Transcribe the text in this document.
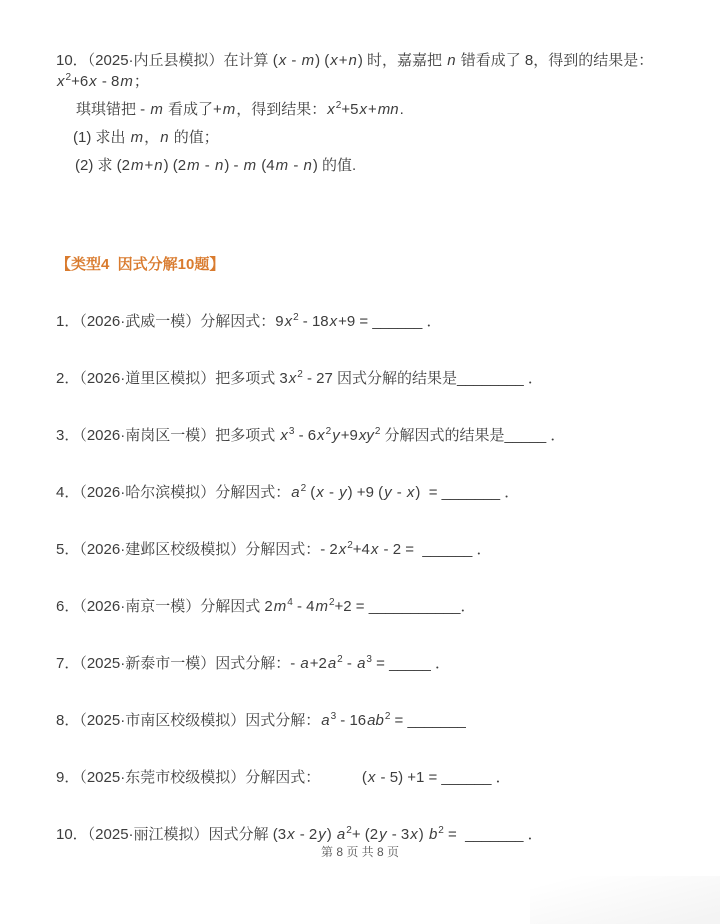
10．（2025·内丘县模拟）在计算 (x - m) (x+n) 时，嘉嘉把 n 错看成了 8，得到的结果是：$x^2+6x - 8m$；
琪琪错把 - m 看成了+m，得到结果：$x^2+5x+mn$.
(1) 求出 m，n 的值；
(2) 求 (2m+n) (2m - n) - m (4m - n) 的值.
【类型4  因式分解10题】
1．（2026·武威一模）分解因式：$9x^2 - 18x+9$ = ______ ．
2．（2026·道里区模拟）把多项式 $3x^2 - 27$ 因式分解的结果是________ ．
3．（2026·南岗区一模）把多项式 $x^3 - 6x^2y+9xy^2$ 分解因式的结果是_____ ．
4．（2026·哈尔滨模拟）分解因式：$a^2$ (x - y) +9 (y - x)  = _______ ．
5．（2026·建邺区校级模拟）分解因式：- $2x^2+4x - 2$ =  ______ ．
6．（2026·南京一模）分解因式 $2m^4 - 4m^2+2$ = ___________．
7．（2025·新泰市一模）因式分解：- $a+2a^2 - a^3$ = _____ ．
8．（2025·市南区校级模拟）因式分解：$a^3 - 16ab^2$ = _______
9．（2025·东莞市校级模拟）分解因式：          (x - 5) +1 = ______ ．
10．（2025·丽江模拟）因式分解 (3x - 2y) $a^2+ (2y - 3x) b^2$ =  _______ ．
第 8 页 共 8 页
